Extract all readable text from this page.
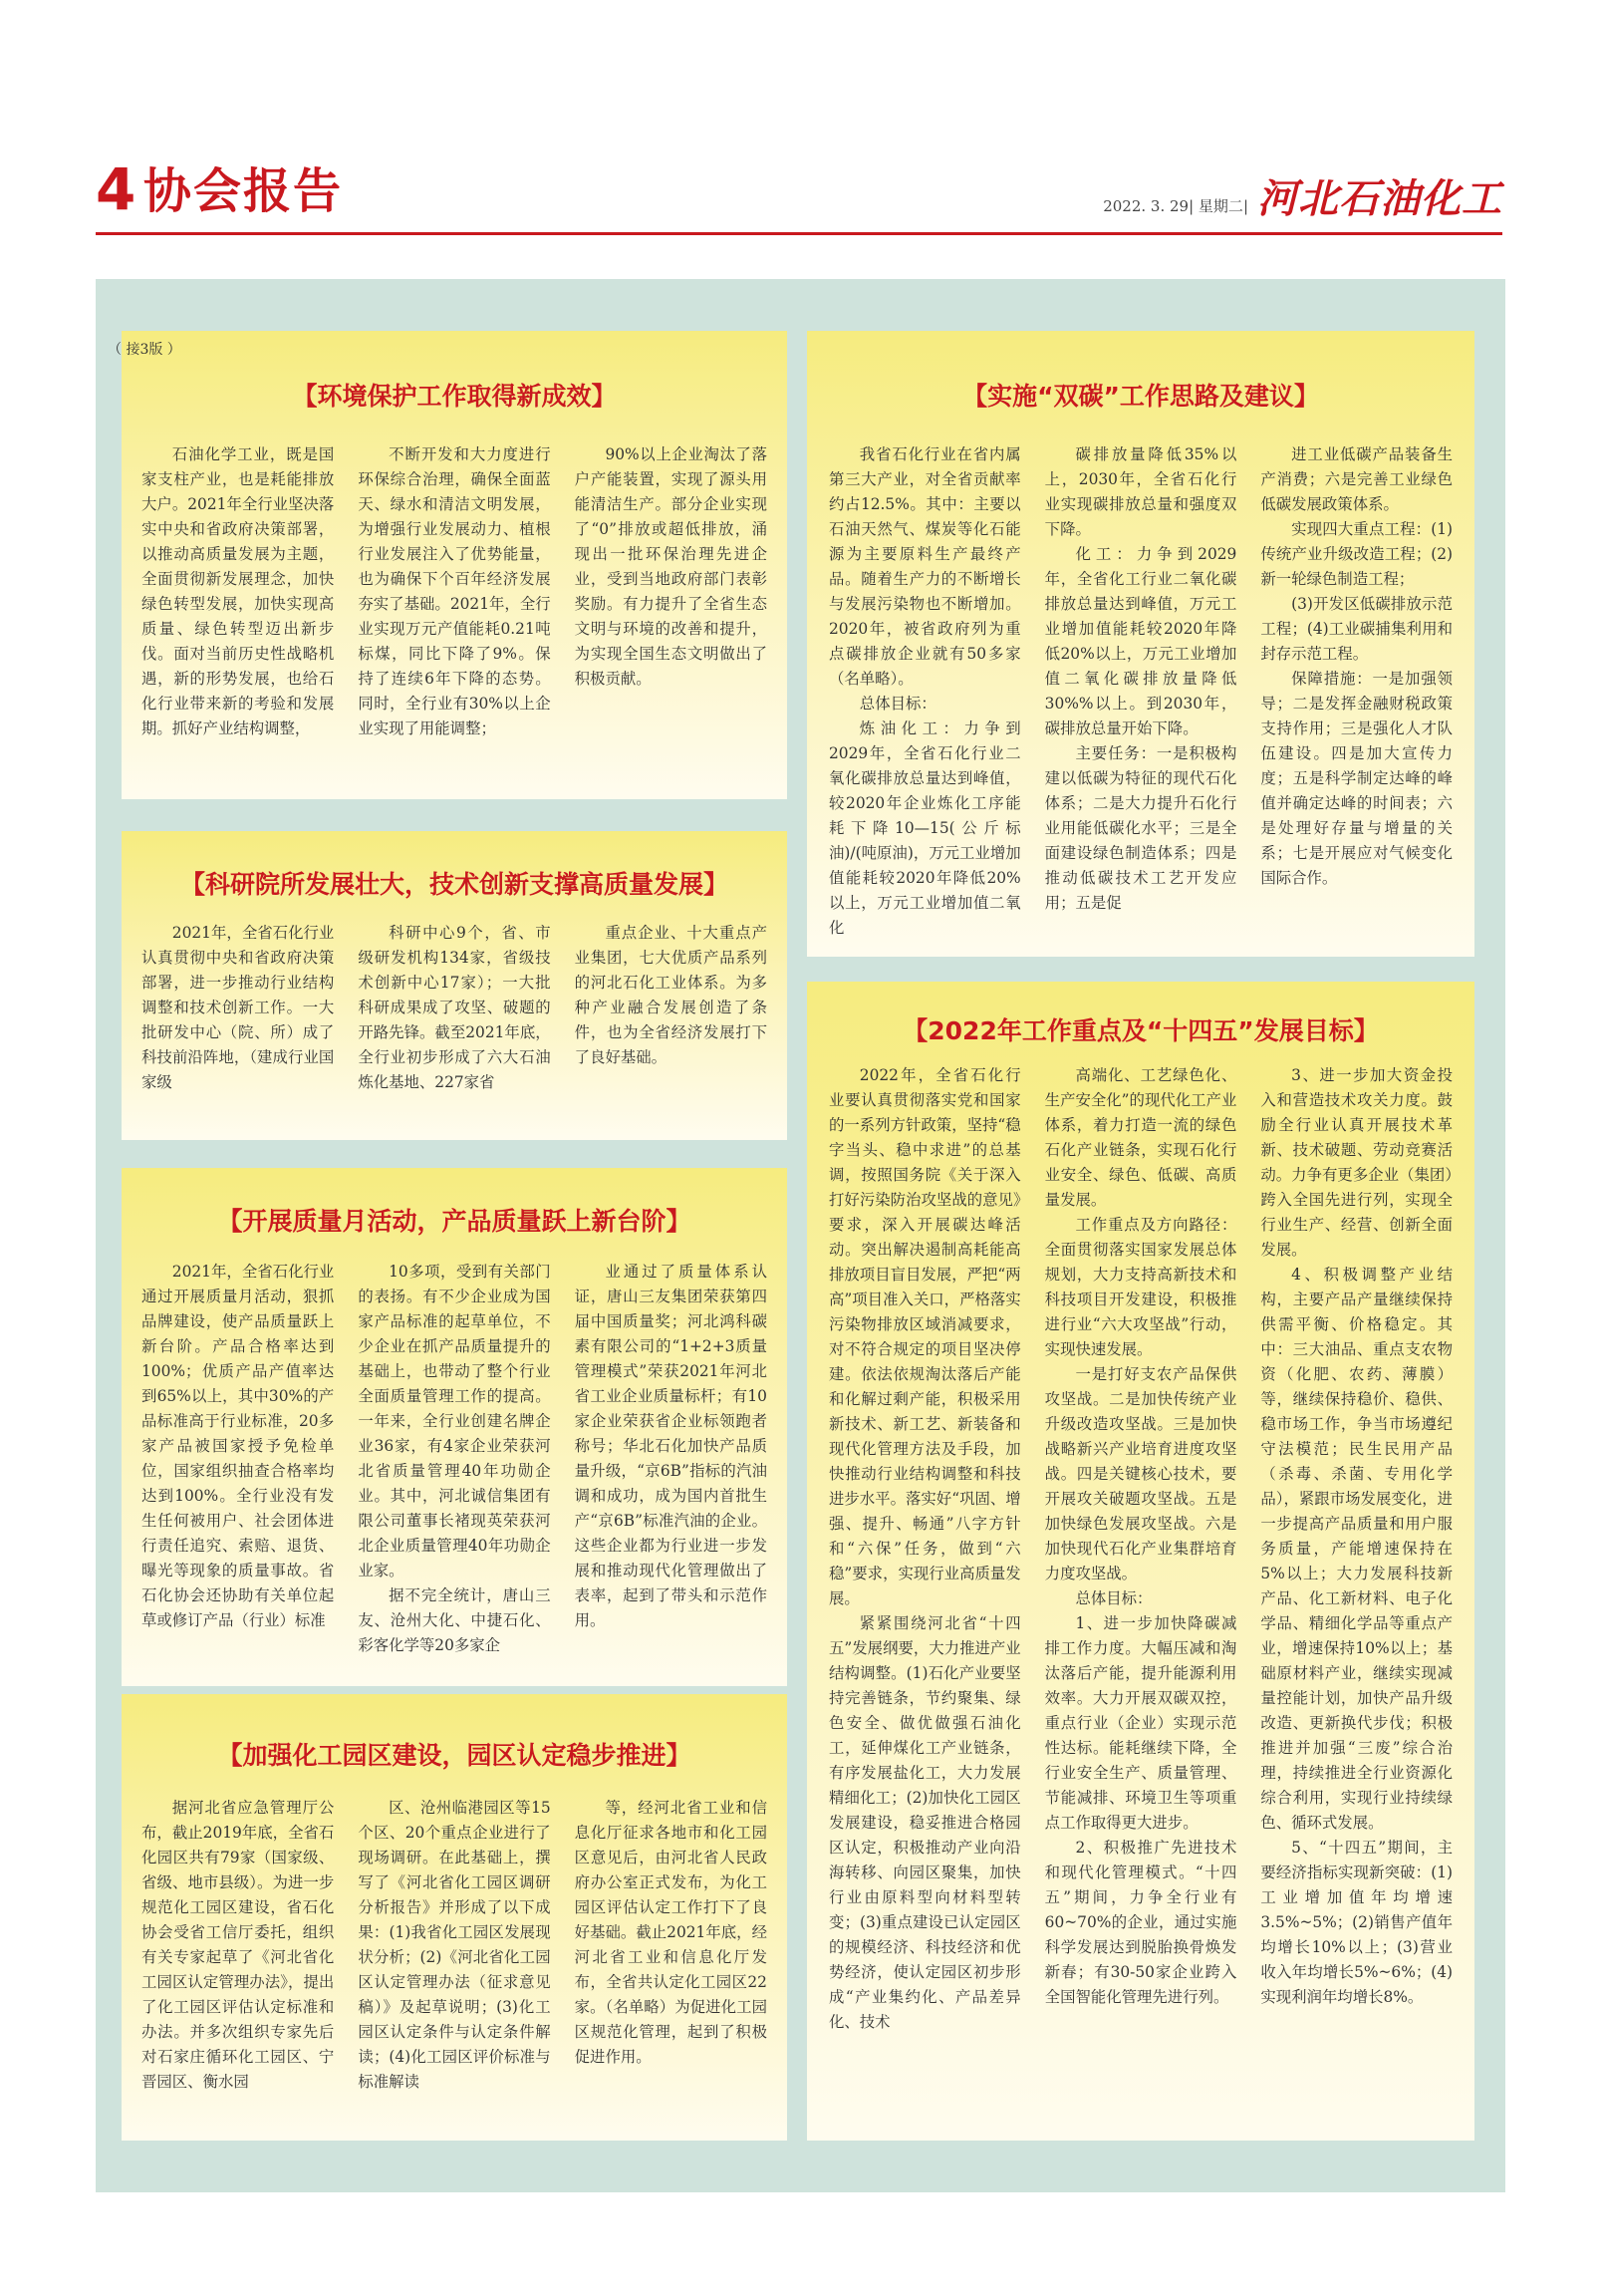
4 协会报告	2022. 3. 29| 星期二| 河北石油化工
（ 接3版 ）
【环境保护工作取得新成效】

石油化学工业，既是国家支柱产业，也是耗能排放大户。2021年全行业坚决落实中央和省政府决策部署，以推动高质量发展为主题，全面贯彻新发展理念，加快绿色转型发展，加快实现高质量、绿色转型迈出新步伐。面对当前历史性战略机遇，新的形势发展，也给石化行业带来新的考验和发展期。抓好产业结构调整，

不断开发和大力度进行环保综合治理，确保全面蓝天、绿水和清洁文明发展，为增强行业发展动力、植根行业发展注入了优势能量，也为确保下个百年经济发展夯实了基础。2021年，全行业实现万元产值能耗0.21吨标煤，同比下降了9%。保持了连续6年下降的态势。同时，全行业有30%以上企业实现了用能调整；

90%以上企业淘汰了落户产能装置，实现了源头用能清洁生产。部分企业实现了“0”排放或超低排放，涌现出一批环保治理先进企业，受到当地政府部门表彰奖励。有力提升了全省生态文明与环境的改善和提升，为实现全国生态文明做出了积极贡献。

【实施“双碳”工作思路及建议】

我省石化行业在省内属第三大产业，对全省贡献率约占12.5%。其中：主要以石油天然气、煤炭等化石能源为主要原料生产最终产品。随着生产力的不断增长与发展污染物也不断增加。2020年，被省政府列为重点碳排放企业就有50多家（名单略）。

总体目标：

炼油化工：力争到2029年，全省石化行业二氧化碳排放总量达到峰值，较2020年企业炼化工序能耗下降10—15(公斤标油)/(吨原油)，万元工业增加值能耗较2020年降低20%以上，万元工业增加值二氧化

碳排放量降低35%以上，2030年，全省石化行业实现碳排放总量和强度双下降。

化工：力争到2029年，全省化工行业二氧化碳排放总量达到峰值，万元工业增加值能耗较2020年降低20%以上，万元工业增加值二氧化碳排放量降低30%%以上。到2030年，碳排放总量开始下降。

主要任务：一是积极构建以低碳为特征的现代石化体系；二是大力提升石化行业用能低碳化水平；三是全面建设绿色制造体系；四是推动低碳技术工艺开发应用；五是促

进工业低碳产品装备生产消费；六是完善工业绿色低碳发展政策体系。

实现四大重点工程：(1)传统产业升级改造工程；(2)新一轮绿色制造工程；

(3)开发区低碳排放示范工程；(4)工业碳捕集利用和封存示范工程。

保障措施：一是加强领导；二是发挥金融财税政策支持作用；三是强化人才队伍建设。四是加大宣传力度；五是科学制定达峰的峰值并确定达峰的时间表；六是处理好存量与增量的关系；七是开展应对气候变化国际合作。

【科研院所发展壮大，技术创新支撑高质量发展】

2021年，全省石化行业认真贯彻中央和省政府决策部署，进一步推动行业结构调整和技术创新工作。一大批研发中心（院、所）成了科技前沿阵地，（建成行业国家级

科研中心9个，省、市级研发机构134家，省级技术创新中心17家）；一大批科研成果成了攻坚、破题的开路先锋。截至2021年底，全行业初步形成了六大石油炼化基地、227家省

重点企业、十大重点产业集团，七大优质产品系列的河北石化工业体系。为多种产业融合发展创造了条件，也为全省经济发展打下了良好基础。

【开展质量月活动，产品质量跃上新台阶】

2021年，全省石化行业通过开展质量月活动，狠抓品牌建设，使产品质量跃上新台阶。产品合格率达到100%；优质产品产值率达到65%以上，其中30%的产品标准高于行业标准，20多家产品被国家授予免检单位，国家组织抽查合格率均达到100%。全行业没有发生任何被用户、社会团体进行责任追究、索赔、退货、曝光等现象的质量事故。省石化协会还协助有关单位起草或修订产品（行业）标准

10多项，受到有关部门的表扬。有不少企业成为国家产品标准的起草单位，不少企业在抓产品质量提升的基础上，也带动了整个行业全面质量管理工作的提高。一年来，全行业创建名牌企业36家，有4家企业荣获河北省质量管理40年功勋企业。其中，河北诚信集团有限公司董事长褚现英荣获河北企业质量管理40年功勋企业家。

据不完全统计，唐山三友、沧州大化、中捷石化、彩客化学等20多家企

业通过了质量体系认证，唐山三友集团荣获第四届中国质量奖；河北鸿科碳素有限公司的“1+2+3质量管理模式”荣获2021年河北省工业企业质量标杆；有10家企业荣获省企业标领跑者称号；华北石化加快产品质量升级，“京6B”指标的汽油调和成功，成为国内首批生产“京6B”标准汽油的企业。这些企业都为行业进一步发展和推动现代化管理做出了表率，起到了带头和示范作用。

【加强化工园区建设，园区认定稳步推进】

据河北省应急管理厅公布，截止2019年底，全省石化园区共有79家（国家级、省级、地市县级）。为进一步规范化工园区建设，省石化协会受省工信厅委托，组织有关专家起草了《河北省化工园区认定管理办法》，提出了化工园区评估认定标准和办法。并多次组织专家先后对石家庄循环化工园区、宁晋园区、衡水园

区、沧州临港园区等15个区、20个重点企业进行了现场调研。在此基础上，撰写了《河北省化工园区调研分析报告》并形成了以下成果：(1)我省化工园区发展现状分析；(2)《河北省化工园区认定管理办法（征求意见稿）》及起草说明；(3)化工园区认定条件与认定条件解读；(4)化工园区评价标准与标准解读

等，经河北省工业和信息化厅征求各地市和化工园区意见后，由河北省人民政府办公室正式发布，为化工园区评估认定工作打下了良好基础。截止2021年底，经河北省工业和信息化厅发布，全省共认定化工园区22家。（名单略）为促进化工园区规范化管理，起到了积极促进作用。

【2022年工作重点及“十四五”发展目标】

2022年，全省石化行业要认真贯彻落实党和国家的一系列方针政策，坚持“稳字当头、稳中求进”的总基调，按照国务院《关于深入打好污染防治攻坚战的意见》要求，深入开展碳达峰活动。突出解决遏制高耗能高排放项目盲目发展，严把“两高”项目准入关口，严格落实污染物排放区域消减要求，对不符合规定的项目坚决停建。依法依规淘汰落后产能和化解过剩产能，积极采用新技术、新工艺、新装备和现代化管理方法及手段，加快推动行业结构调整和科技进步水平。落实好“巩固、增强、提升、畅通”八字方针和“六保”任务，做到“六稳”要求，实现行业高质量发展。

紧紧围绕河北省“十四五”发展纲要，大力推进产业结构调整。(1)石化产业要坚持完善链条，节约聚集、绿色安全、做优做强石油化工，延伸煤化工产业链条，有序发展盐化工，大力发展精细化工；(2)加快化工园区发展建设，稳妥推进合格园区认定，积极推动产业向沿海转移、向园区聚集，加快行业由原料型向材料型转变；(3)重点建设已认定园区的规模经济、科技经济和优势经济，使认定园区初步形成“产业集约化、产品差异化、技术

高端化、工艺绿色化、生产安全化”的现代化工产业体系，着力打造一流的绿色石化产业链条，实现石化行业安全、绿色、低碳、高质量发展。

工作重点及方向路径：全面贯彻落实国家发展总体规划，大力支持高新技术和科技项目开发建设，积极推进行业“六大攻坚战”行动，实现快速发展。

一是打好支农产品保供攻坚战。二是加快传统产业升级改造攻坚战。三是加快战略新兴产业培育进度攻坚战。四是关键核心技术，要开展攻关破题攻坚战。五是加快绿色发展攻坚战。六是加快现代石化产业集群培育力度攻坚战。

总体目标：

1、进一步加快降碳减排工作力度。大幅压减和淘汰落后产能，提升能源利用效率。大力开展双碳双控，重点行业（企业）实现示范性达标。能耗继续下降，全行业安全生产、质量管理、节能减排、环境卫生等项重点工作取得更大进步。

2、积极推广先进技术和现代化管理模式。“十四五”期间，力争全行业有60~70%的企业，通过实施科学发展达到脱胎换骨焕发新春；有30-50家企业跨入全国智能化管理先进行列。

3、进一步加大资金投入和营造技术攻关力度。鼓励全行业认真开展技术革新、技术破题、劳动竞赛活动。力争有更多企业（集团）跨入全国先进行列，实现全行业生产、经营、创新全面发展。

4、积极调整产业结构，主要产品产量继续保持供需平衡、价格稳定。其中：三大油品、重点支农物资（化肥、农药、薄膜）等，继续保持稳价、稳供、稳市场工作，争当市场遵纪守法模范；民生民用产品（杀毒、杀菌、专用化学品），紧跟市场发展变化，进一步提高产品质量和用户服务质量，产能增速保持在5%以上；大力发展科技新产品、化工新材料、电子化学品、精细化学品等重点产业，增速保持10%以上；基础原材料产业，继续实现减量控能计划，加快产品升级改造、更新换代步伐；积极推进并加强“三废”综合治理，持续推进全行业资源化综合利用，实现行业持续绿色、循环式发展。

5、“十四五”期间，主要经济指标实现新突破：(1)工业增加值年均增速3.5%~5%；(2)销售产值年均增长10%以上；(3)营业收入年均增长5%~6%；(4)实现利润年均增长8%。
